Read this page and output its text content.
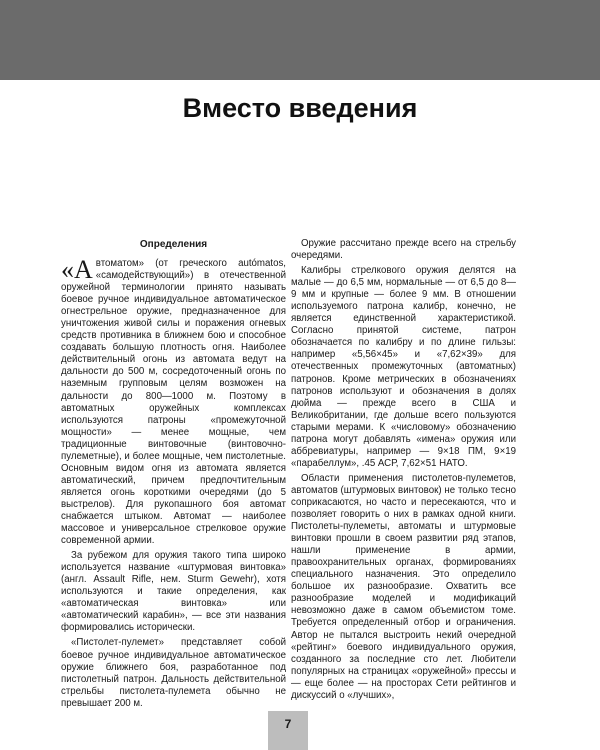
Вместо введения
Определения

«Автоматом» (от греческого autómatos, «самодействующий») в отечественной оружейной терминологии принято называть боевое ручное индивидуальное автоматическое огнестрельное оружие, предназначенное для уничтожения живой силы и поражения огневых средств противника в ближнем бою и способное создавать большую плотность огня. Наиболее действительный огонь из автомата ведут на дальности до 500 м, сосредоточенный огонь по наземным групповым целям возможен на дальности до 800—1000 м. Поэтому в автоматных оружейных комплексах используются патроны «промежуточной мощности» — менее мощные, чем традиционные винтовочные (винтовочно-пулеметные), и более мощные, чем пистолетные. Основным видом огня из автомата является автоматический, причем предпочтительным является огонь короткими очередями (до 5 выстрелов). Для рукопашного боя автомат снабжается штыком. Автомат — наиболее массовое и универсальное стрелковое оружие современной армии.

За рубежом для оружия такого типа широко используется название «штурмовая винтовка» (англ. Assault Rifle, нем. Sturm Gewehr), хотя используются и такие определения, как «автоматическая винтовка» или «автоматический карабин», — все эти названия формировались исторически.

«Пистолет-пулемет» представляет собой боевое ручное индивидуальное автоматическое оружие ближнего боя, разработанное под пистолетный патрон. Дальность действительной стрельбы пистолета-пулемета обычно не превышает 200 м.

Оружие рассчитано прежде всего на стрельбу очередями.

Калибры стрелкового оружия делятся на малые — до 6,5 мм, нормальные — от 6,5 до 8—9 мм и крупные — более 9 мм. В отношении используемого патрона калибр, конечно, не является единственной характеристикой. Согласно принятой системе, патрон обозначается по калибру и по длине гильзы: например «5,56×45» и «7,62×39» для отечественных промежуточных (автоматных) патронов. Кроме метрических в обозначениях патронов используют и обозначения в долях дюйма — прежде всего в США и Великобритании, где дольше всего пользуются старыми мерами. К «числовому» обозначению патрона могут добавлять «имена» оружия или аббревиатуры, например — 9×18 ПМ, 9×19 «парабеллум», .45 АСР, 7,62×51 НАТО.

Области применения пистолетов-пулеметов, автоматов (штурмовых винтовок) не только тесно соприкасаются, но часто и пересекаются, что и позволяет говорить о них в рамках одной книги. Пистолеты-пулеметы, автоматы и штурмовые винтовки прошли в своем развитии ряд этапов, нашли применение в армии, правоохранительных органах, формированиях специального назначения. Это определило большое их разнообразие. Охватить все разнообразие моделей и модификаций невозможно даже в самом объемистом томе. Требуется определенный отбор и ограничения. Автор не пытался выстроить некий очередной «рейтинг» боевого индивидуального оружия, созданного за последние сто лет. Любители популярных на страницах «оружейной» прессы и — еще более — на просторах Сети рейтингов и дискуссий о «лучших»,

7
